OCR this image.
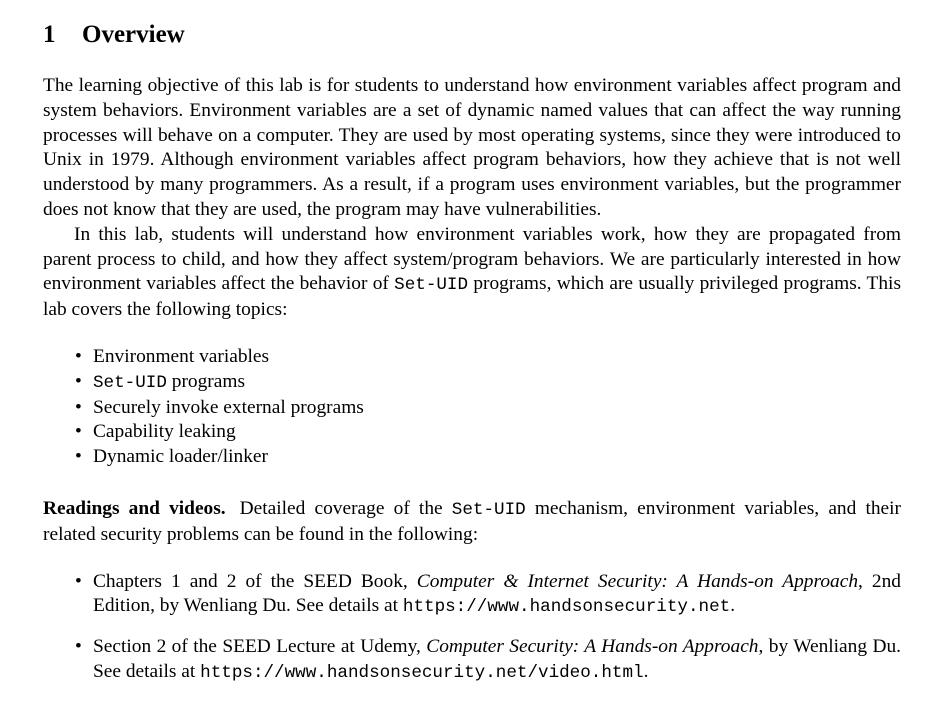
1 Overview

The learning objective of this lab is for students to understand how environment variables affect program and system behaviors. Environment variables are a set of dynamic named values that can affect the way running processes will behave on a computer. They are used by most operating systems, since they were introduced to Unix in 1979. Although environment variables affect program behaviors, how they achieve that is not well understood by many programmers. As a result, if a program uses environment variables, but the programmer does not know that they are used, the program may have vulnerabilities.

In this lab, students will understand how environment variables work, how they are propagated from parent process to child, and how they affect system/program behaviors. We are particularly interested in how environment variables affect the behavior of Set-UID programs, which are usually privileged programs. This lab covers the following topics:

• Environment variables
• Set-UID programs
• Securely invoke external programs
• Capability leaking
• Dynamic loader/linker

Readings and videos. Detailed coverage of the Set-UID mechanism, environment variables, and their related security problems can be found in the following:

• Chapters 1 and 2 of the SEED Book, Computer & Internet Security: A Hands-on Approach, 2nd Edition, by Wenliang Du. See details at https://www.handsonsecurity.net.
• Section 2 of the SEED Lecture at Udemy, Computer Security: A Hands-on Approach, by Wenliang Du. See details at https://www.handsonsecurity.net/video.html.
